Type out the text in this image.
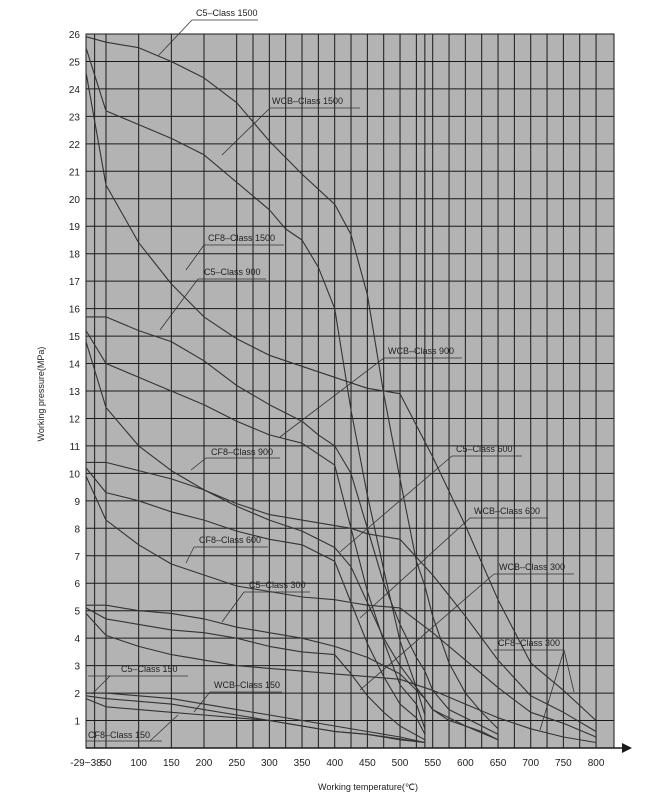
1
2
3
4
5
6
7
8
9
10
11
12
13
14
15
16
17
18
19
20
21
22
23
24
25
26
-29~38
50 100 150 200 250 300 350 400 450 500 550 600 650 700 750 800
C5–Class 1500
WCB–Class 1500
CF8–Class 1500
C5–Class 900
WCB–Class 900
CF8–Class 900	C5–Class 600
WCB–Class 600
CF8–Class 600
C5–Class 300
WCB–Class 300
CF8–Class 300
C5–Class 150
WCB–Class 150
CF8–Class 150
Working pressure(MPa)
Working temperature(℃)
